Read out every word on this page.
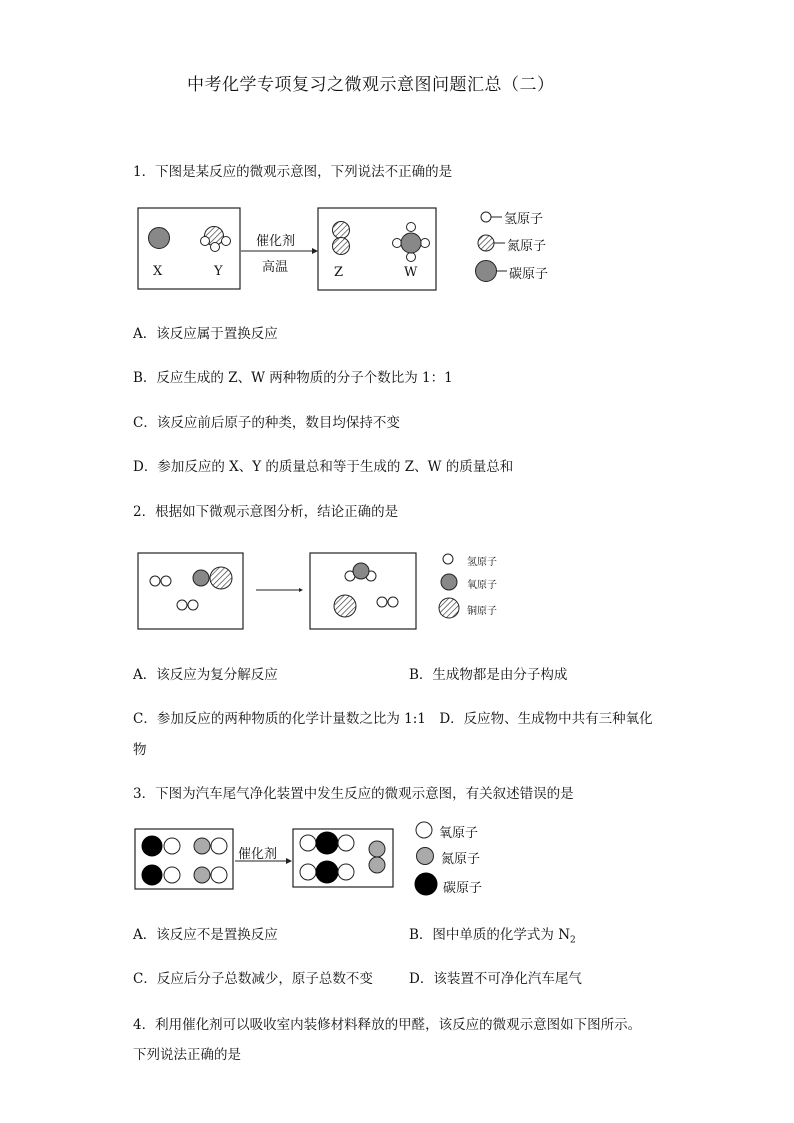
中考化学专项复习之微观示意图问题汇总（二）
1．下图是某反应的微观示意图，下列说法不正确的是
催化剂
高温
X	Y	Z	W
氢原子
氮原子
碳原子
A．该反应属于置换反应
B．反应生成的 Z、W 两种物质的分子个数比为 1：1
C．该反应前后原子的种类，数目均保持不变
D．参加反应的 X、Y 的质量总和等于生成的 Z、W 的质量总和
2．根据如下微观示意图分析，结论正确的是
氢原子
氧原子
铜原子
A．该反应为复分解反应	B．生成物都是由分子构成
C．参加反应的两种物质的化学计量数之比为 1:1　D．反应物、生成物中共有三种氧化
物
3．下图为汽车尾气净化装置中发生反应的微观示意图，有关叙述错误的是
催化剂
氧原子
氮原子
碳原子
A．该反应不是置换反应	B．图中单质的化学式为 $N_2$
C．反应后分子总数减少，原子总数不变	D．该装置不可净化汽车尾气
4．利用催化剂可以吸收室内装修材料释放的甲醛，该反应的微观示意图如下图所示。
下列说法正确的是
